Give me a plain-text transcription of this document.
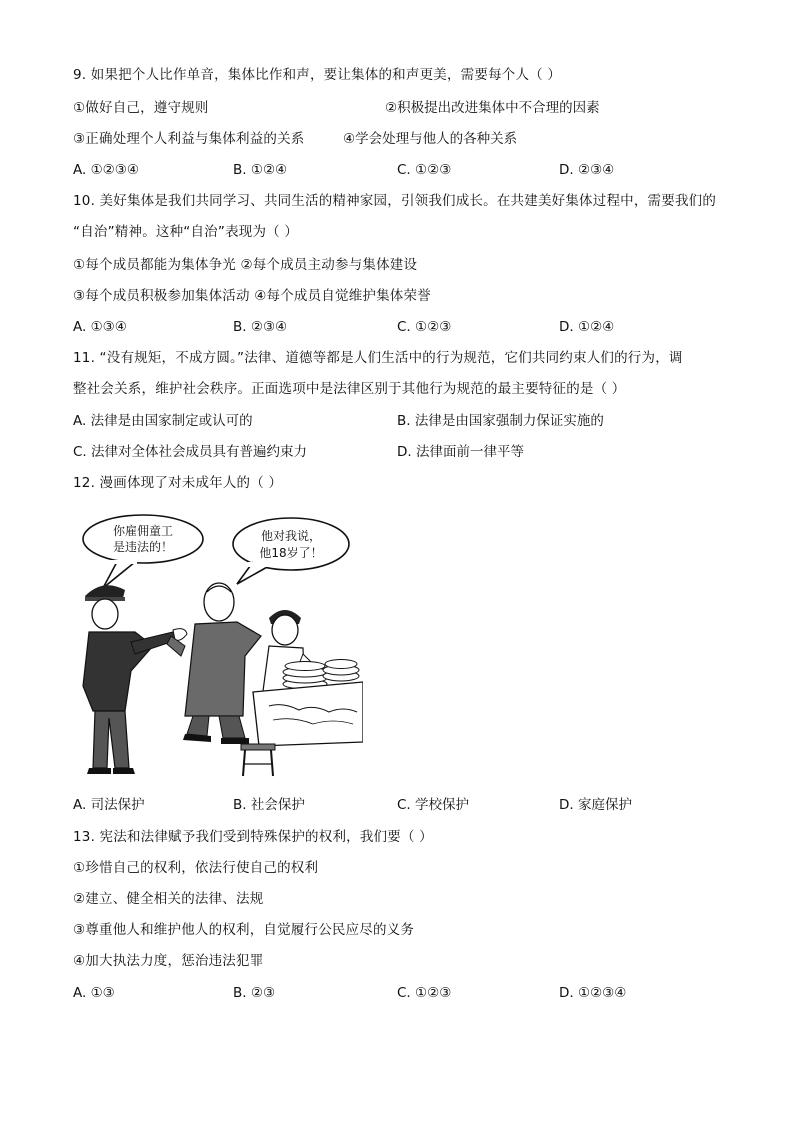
9. 如果把个人比作单音，集体比作和声，要让集体的和声更美，需要每个人（ ）
①做好自己，遵守规则	②积极提出改进集体中不合理的因素
③正确处理个人利益与集体利益的关系	④学会处理与他人的各种关系
A. ①②③④	B. ①②④	C. ①②③	D. ②③④
10. 美好集体是我们共同学习、共同生活的精神家园，引领我们成长。在共建美好集体过程中，需要我们的
“自治”精神。这种“自治”表现为（ ）
①每个成员都能为集体争光 ②每个成员主动参与集体建设
③每个成员积极参加集体活动 ④每个成员自觉维护集体荣誉
A. ①③④	B. ②③④	C. ①②③	D. ①②④
11. “没有规矩，不成方圆。”法律、道德等都是人们生活中的行为规范，它们共同约束人们的行为，调
整社会关系，维护社会秩序。正面选项中是法律区别于其他行为规范的最主要特征的是（ ）
A. 法律是由国家制定或认可的	B. 法律是由国家强制力保证实施的
C. 法律对全体社会成员具有普遍约束力	D. 法律面前一律平等
12. 漫画体现了对未成年人的（ ）
你雇佣童工
是违法的！
他对我说，
他18岁了！
A. 司法保护	B. 社会保护	C. 学校保护	D. 家庭保护
13. 宪法和法律赋予我们受到特殊保护的权利，我们要（ ）
①珍惜自己的权利，依法行使自己的权利
②建立、健全相关的法律、法规
③尊重他人和维护他人的权利，自觉履行公民应尽的义务
④加大执法力度，惩治违法犯罪
A. ①③	B. ②③	C. ①②③	D. ①②③④
